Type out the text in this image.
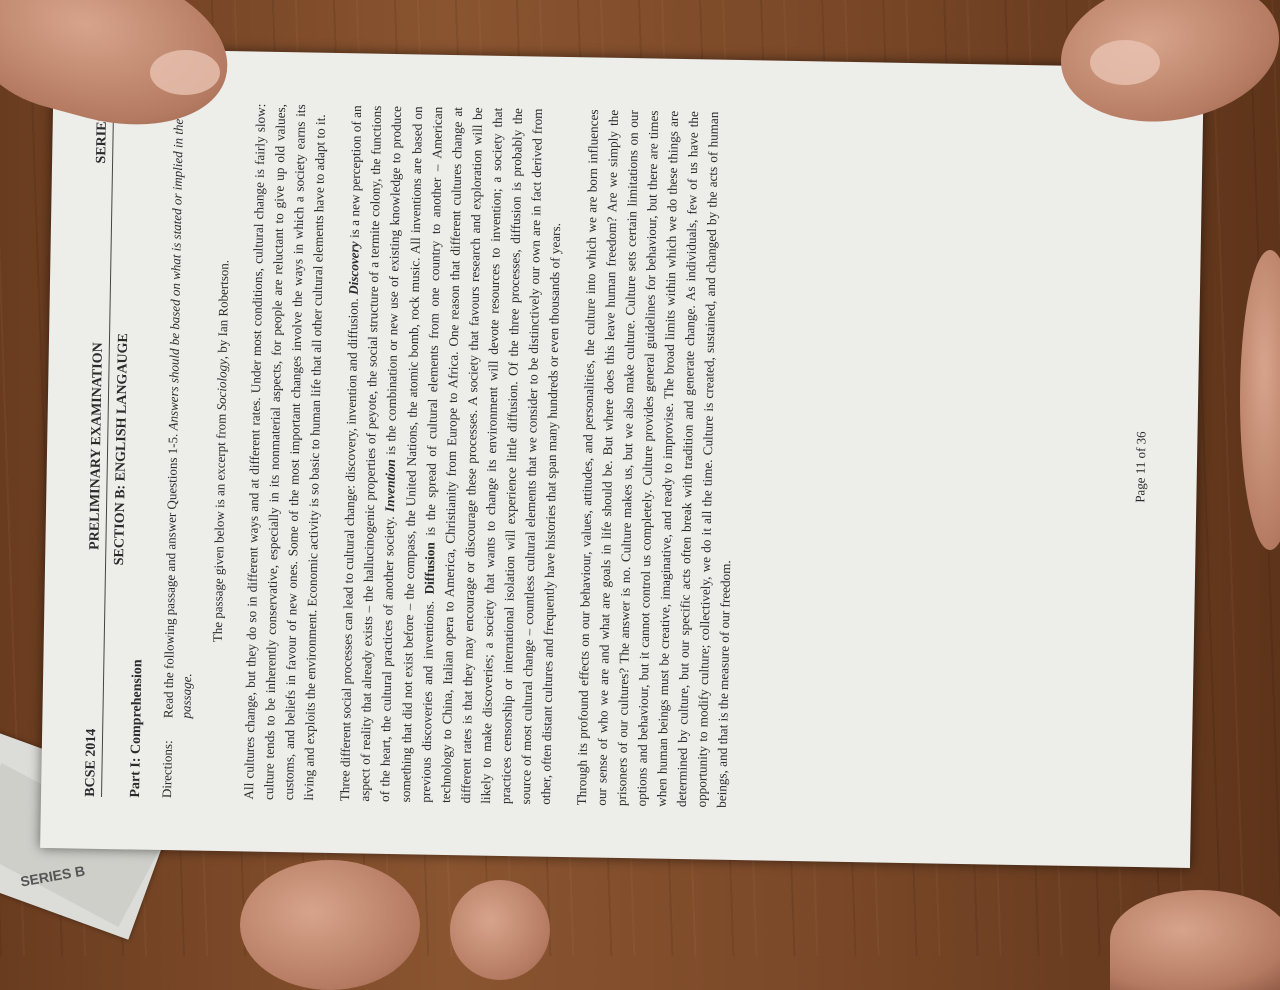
SERIES B
BCSE 2014
PRELIMINARY EXAMINATION
SERIES B
SECTION B: ENGLISH LANGAUGE
Part I: Comprehension	Directions:
Read the following passage and answer Questions 1-5. Answers should be based on what is stated or implied in the passage.
The passage given below is an excerpt from Sociology, by Ian Robertson. All cultures change, but they do so in different ways and at different rates. Under most conditions, cultural change is fairly slow: culture tends to be inherently conservative, especially in its nonmaterial aspects, for people are reluctant to give up old values, customs, and beliefs in favour of new ones. Some of the most important changes involve the ways in which a society earns its living and exploits the environment. Economic activity is so basic to human life that all other cultural elements have to adapt to it. Three different social processes can lead to cultural change: discovery, invention and diffusion. Discovery is a new perception of an aspect of reality that already exists – the hallucinogenic properties of peyote, the social structure of a termite colony, the functions of the heart, the cultural practices of another society. Invention is the combination or new use of existing knowledge to produce something that did not exist before – the compass, the United Nations, the atomic bomb, rock music. All inventions are based on previous discoveries and inventions. Diffusion is the spread of cultural elements from one country to another – American technology to China, Italian opera to America, Christianity from Europe to Africa. One reason that different cultures change at different rates is that they may encourage or discourage these processes. A society that favours research and exploration will be likely to make discoveries; a society that wants to change its environment will devote resources to invention; a society that practices censorship or international isolation will experience little diffusion. Of the three processes, diffusion is probably the source of most cultural change – countless cultural elements that we consider to be distinctively our own are in fact derived from other, often distant cultures and frequently have histories that span many hundreds or even thousands of years. Through its profound effects on our behaviour, values, attitudes, and personalities, the culture into which we are born influences our sense of who we are and what are goals in life should be. But where does this leave human freedom? Are we simply the prisoners of our cultures? The answer is no. Culture makes us, but we also make culture. Culture sets certain limitations on our options and behaviour, but it cannot control us completely. Culture provides general guidelines for behaviour, but there are times when human beings must be creative, imaginative, and ready to improvise. The broad limits within which we do these things are determined by culture, but our specific acts often break with tradition and generate change. As individuals, few of us have the opportunity to modify culture; collectively, we do it all the time. Culture is created, sustained, and changed by the acts of human beings, and that is the measure of our freedom.

Page 11 of 36
